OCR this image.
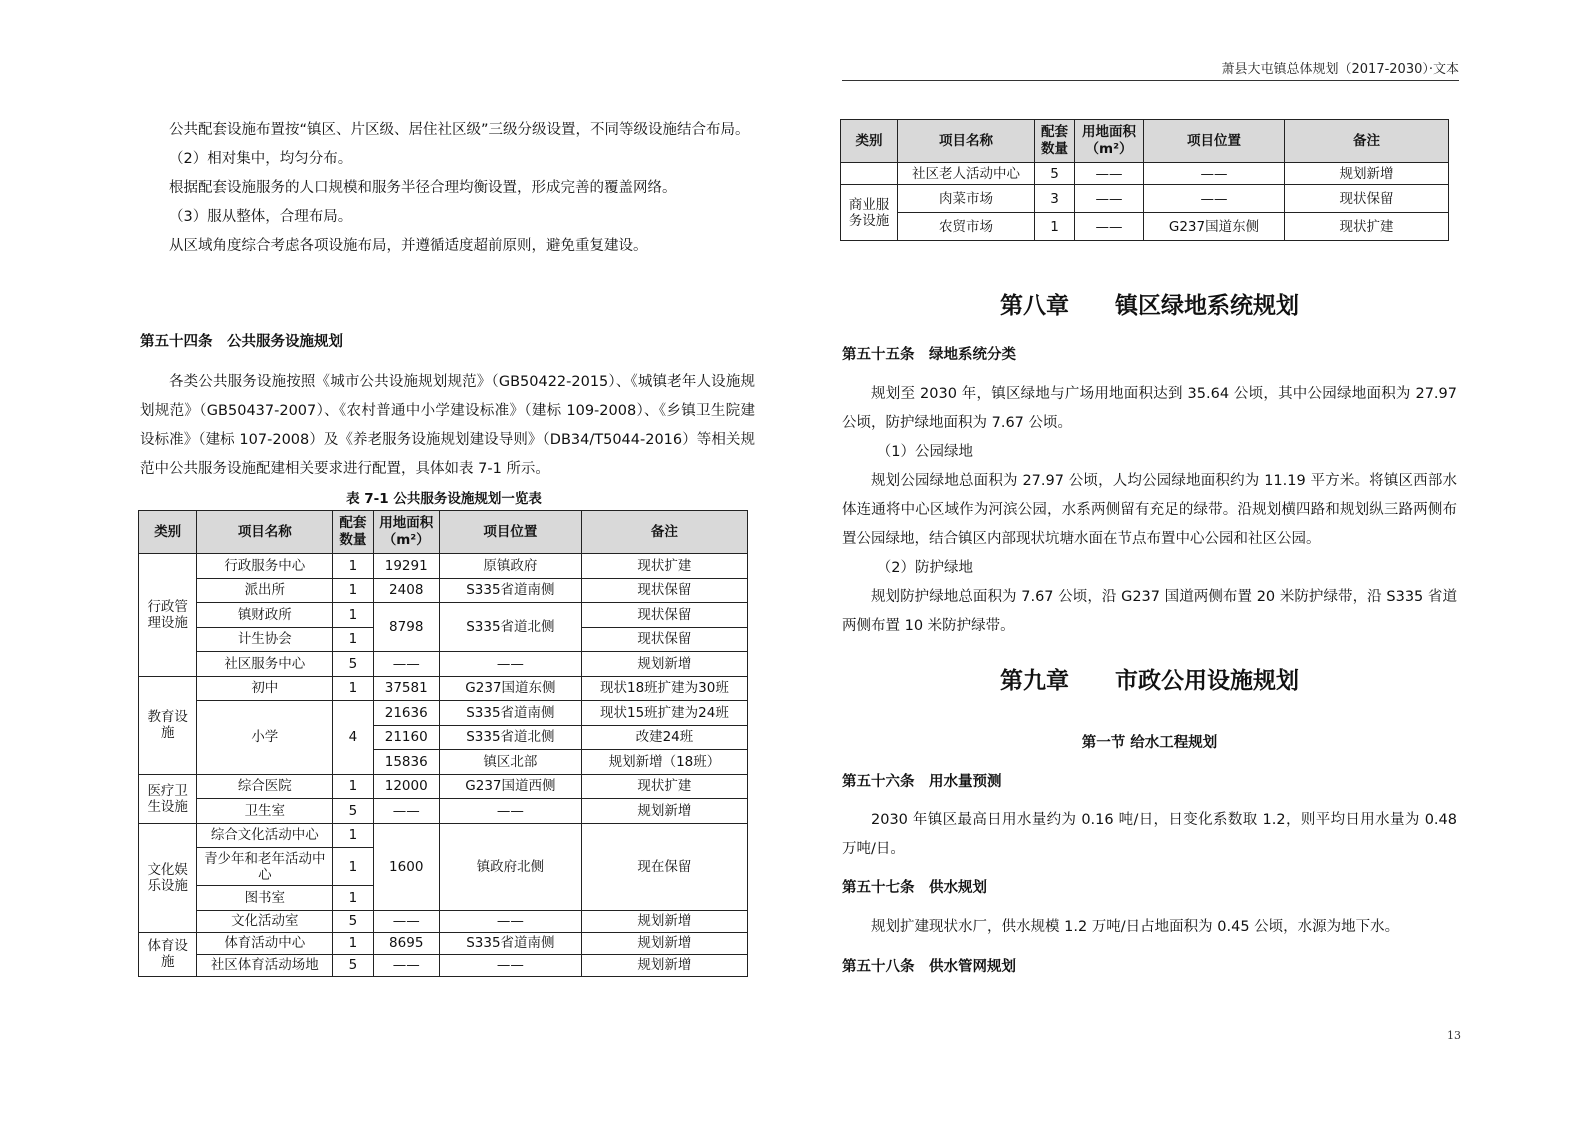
萧县大屯镇总体规划（2017-2030）·文本

公共配套设施布置按“镇区、片区级、居住社区级”三级分级设置，不同等级设施结合布局。

（2）相对集中，均匀分布。

根据配套设施服务的人口规模和服务半径合理均衡设置，形成完善的覆盖网络。

（3）服从整体，合理布局。

从区域角度综合考虑各项设施布局，并遵循适度超前原则，避免重复建设。

第五十四条　公共服务设施规划

各类公共服务设施按照《城市公共设施规划规范》（GB50422-2015）、《城镇老年人设施规划规范》（GB50437-2007）、《农村普通中小学建设标准》（建标 109-2008）、《乡镇卫生院建设标准》（建标 107-2008）及《养老服务设施规划建设导则》（DB34/T5044-2016）等相关规范中公共服务设施配建相关要求进行配置，具体如表 7-1 所示。

表 7-1 公共服务设施规划一览表
类别	项目名称	配套数量	用地面积（m²）	项目位置	备注
行政管理设施	行政服务中心	1	19291	原镇政府	现状扩建
	派出所	1	2408	S335省道南侧	现状保留
	镇财政所	1	8798	S335省道北侧	现状保留
	计生协会	1			现状保留
	社区服务中心	5	——	——	规划新增
教育设施	初中	1	37581	G237国道东侧	现状18班扩建为30班
	小学	4	21636	S335省道南侧	现状15班扩建为24班
			21160	S335省道北侧	改建24班
			15836	镇区北部	规划新增（18班）
医疗卫生设施	综合医院	1	12000	G237国道西侧	现状扩建
	卫生室	5	——	——	规划新增
文化娱乐设施	综合文化活动中心	1	1600	镇政府北侧	现在保留
	青少年和老年活动中心	1			
	图书室	1			
	文化活动室	5	——	——	规划新增
体育设施	体育活动中心	1	8695	S335省道南侧	规划新增
	社区体育活动场地	5	——	——	规划新增
类别	项目名称	配套数量	用地面积（m²）	项目位置	备注
	社区老人活动中心	5	——	——	规划新增
商业服务设施	肉菜市场	3	——	——	现状保留
	农贸市场	1	——	G237国道东侧	现状扩建
第八章 镇区绿地系统规划

第五十五条　绿地系统分类

规划至 2030 年，镇区绿地与广场用地面积达到 35.64 公顷，其中公园绿地面积为 27.97 公顷，防护绿地面积为 7.67 公顷。

（1）公园绿地

规划公园绿地总面积为 27.97 公顷，人均公园绿地面积约为 11.19 平方米。将镇区西部水体连通将中心区域作为河滨公园，水系两侧留有充足的绿带。沿规划横四路和规划纵三路两侧布置公园绿地，结合镇区内部现状坑塘水面在节点布置中心公园和社区公园。

（2）防护绿地

规划防护绿地总面积为 7.67 公顷，沿 G237 国道两侧布置 20 米防护绿带，沿 S335 省道两侧布置 10 米防护绿带。

第九章 市政公用设施规划
第一节 给水工程规划

第五十六条　用水量预测

2030 年镇区最高日用水量约为 0.16 吨/日，日变化系数取 1.2，则平均日用水量为 0.48 万吨/日。

第五十七条　供水规划

规划扩建现状水厂，供水规模 1.2 万吨/日占地面积为 0.45 公顷，水源为地下水。

第五十八条　供水管网规划

13
